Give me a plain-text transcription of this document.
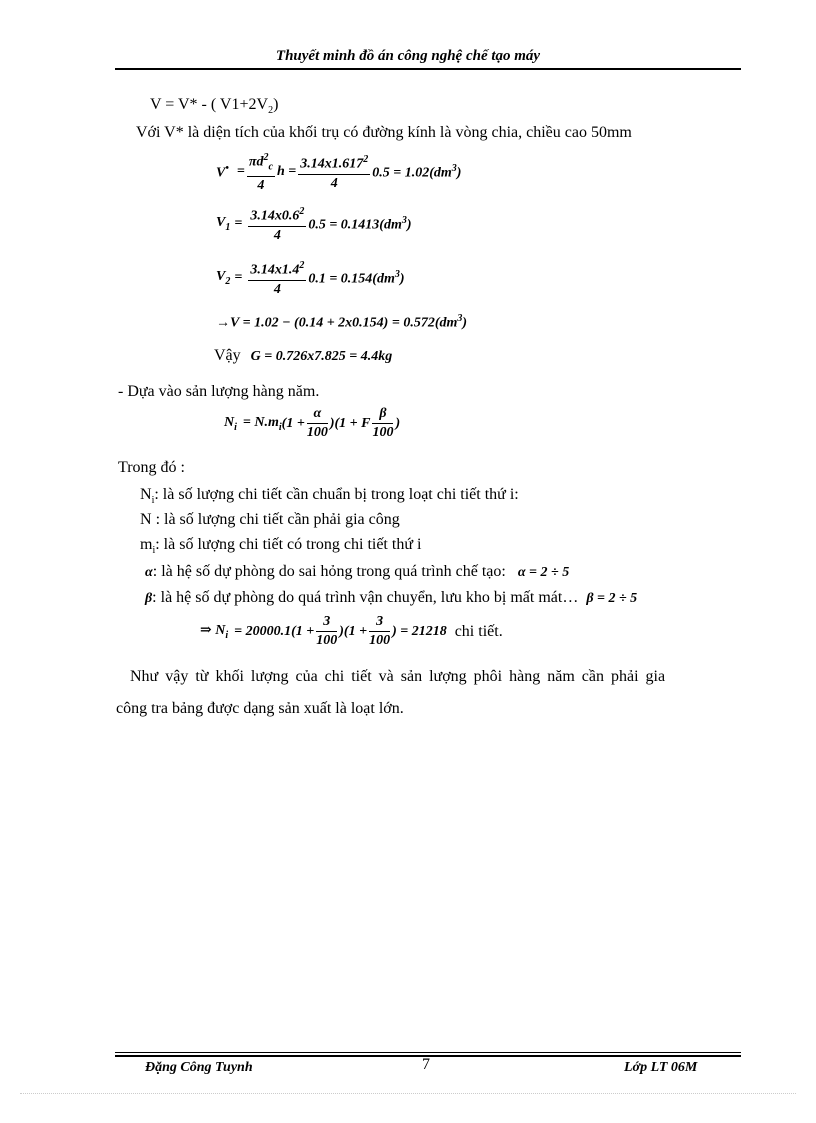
Thuyết minh đồ án công nghệ chế tạo máy
V = V* - ( $V1+2V_2$)
Với V* là diện tích của khối trụ có đường kính là vòng chia, chiều cao 50mm
$V^• = \frac{\pi d^2_c}{4}$ $h = \frac{3.14x1.617^2}{4} 0.5 = 1.02(dm^3)$
$V_1 = \frac{3.14x0.6^2}{4} 0.5 = 0.1413(dm^3)$
$V_2 = \frac{3.14x1.4^2}{4} 0.1 = 0.154(dm^3)$
$\to V = 1.02 - (0.14 + 2x0.154) = 0.572(dm^3)$
Vậy G = 0.726x7.825 = 4.4kg
- Dựa vào sản lượng hàng năm.
$N_i = N.m_i$ $(1 + \frac{\alpha}{100} )(1 + F \frac{\beta}{100}$ )
Trong đó :
$N_i$: là số lượng chi tiết cần chuẩn bị trong loạt chi tiết thứ i:
N : là số lượng chi tiết cần phải gia công
$m_i$: là số lượng chi tiết có trong chi tiết thứ i
α: là hệ số dự phòng do sai hỏng trong quá trình chế tạo: α = 2 ÷ 5
β: là hệ số dự phòng do quá trình vận chuyển, lưu kho bị mất mát… β = 2 ÷ 5
⇒ $N_i = 20000.1(1 + \frac{3}{100} )(1 + \frac{3}{100}$ ) = 21218 chi tiết.
Như vậy từ khối lượng của chi tiết và sản lượng phôi hàng năm cần phải gia
công tra bảng được dạng sản xuất là loạt lớn.
Đặng Công Tuynh	7	Lớp LT 06M
